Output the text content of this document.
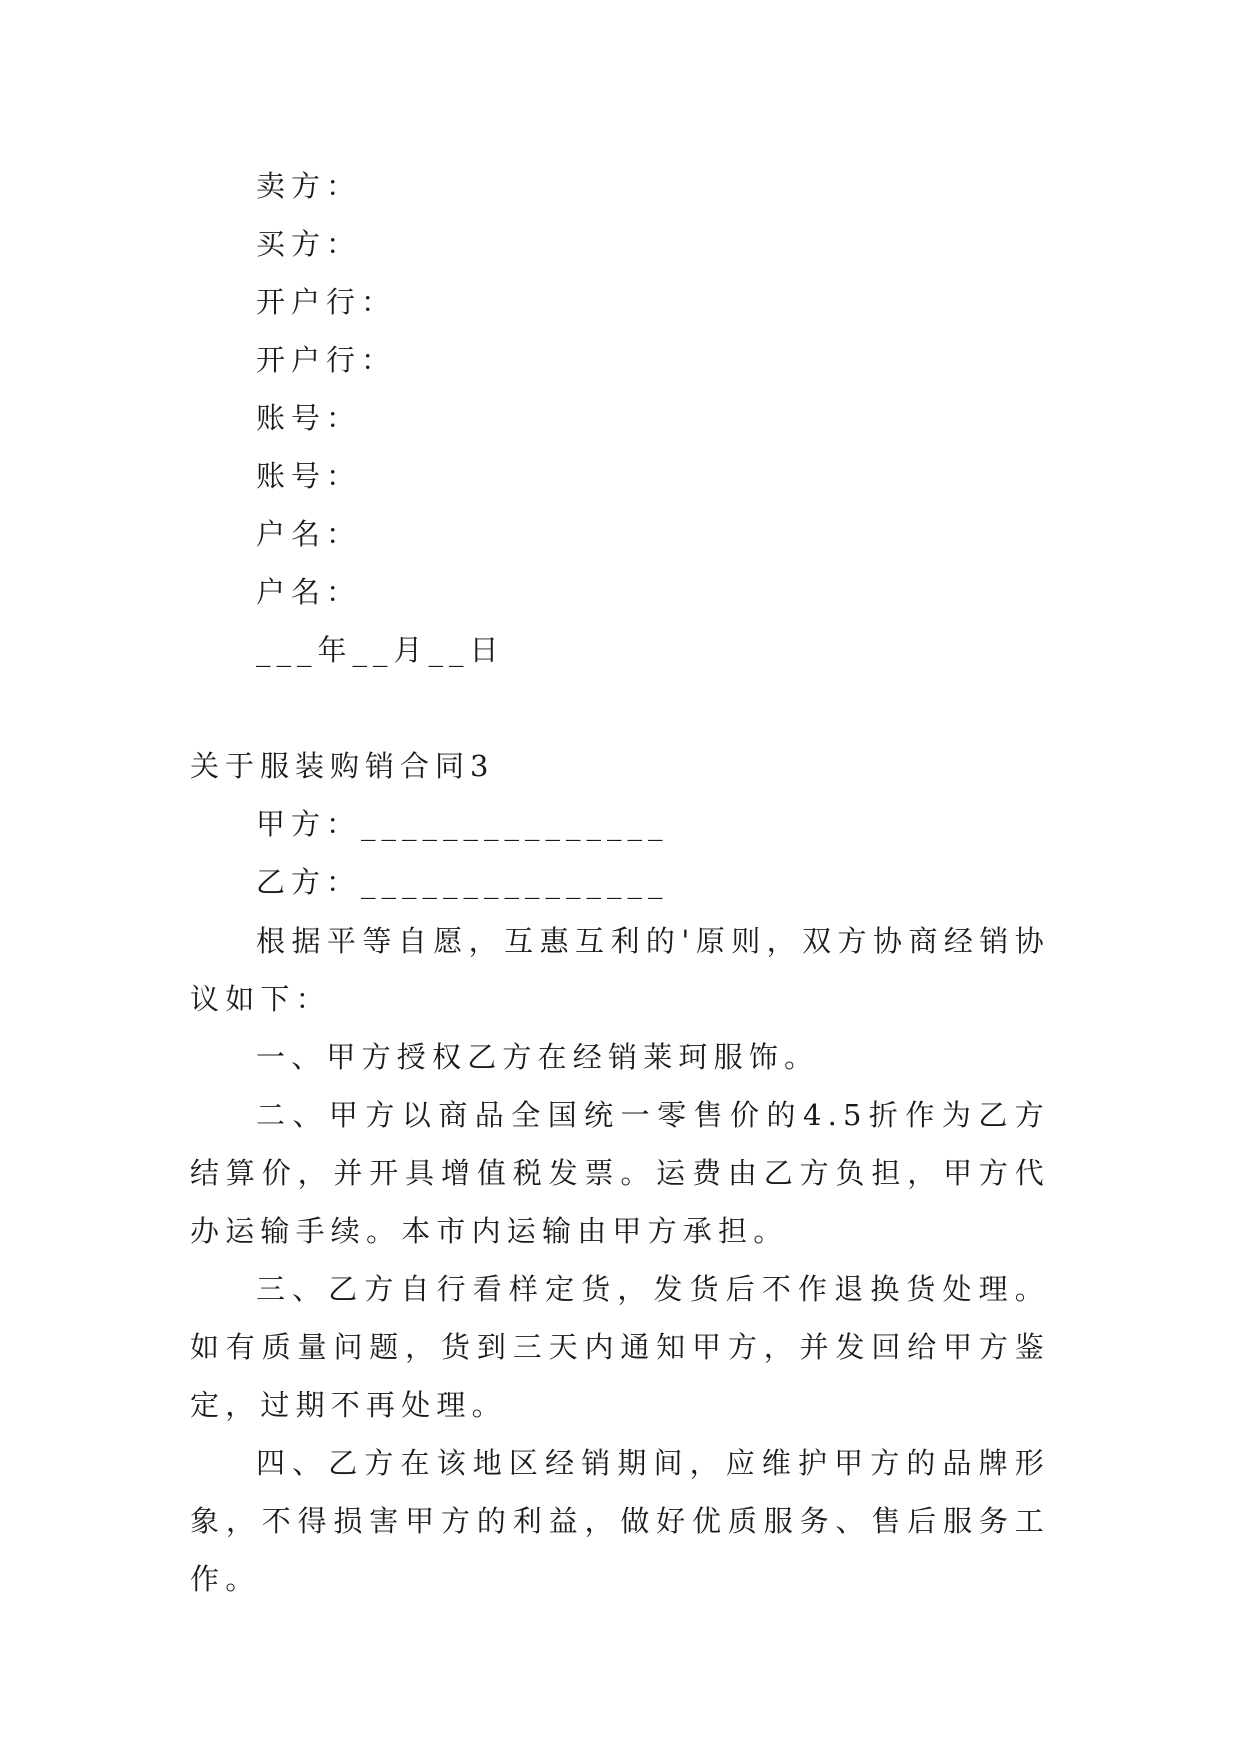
卖方：
买方：
开户行：
开户行：
账号：
账号：
户名：
户名：
___年__月__日
关于服装购销合同3
甲方：_______________
乙方：_______________
根据平等自愿，互惠互利的'原则，双方协商经销协议如下：
一、甲方授权乙方在经销莱珂服饰。
二、甲方以商品全国统一零售价的4.5折作为乙方结算价，并开具增值税发票。运费由乙方负担，甲方代办运输手续。本市内运输由甲方承担。
三、乙方自行看样定货，发货后不作退换货处理。如有质量问题，货到三天内通知甲方，并发回给甲方鉴定，过期不再处理。
四、乙方在该地区经销期间，应维护甲方的品牌形象，不得损害甲方的利益，做好优质服务、售后服务工作。
